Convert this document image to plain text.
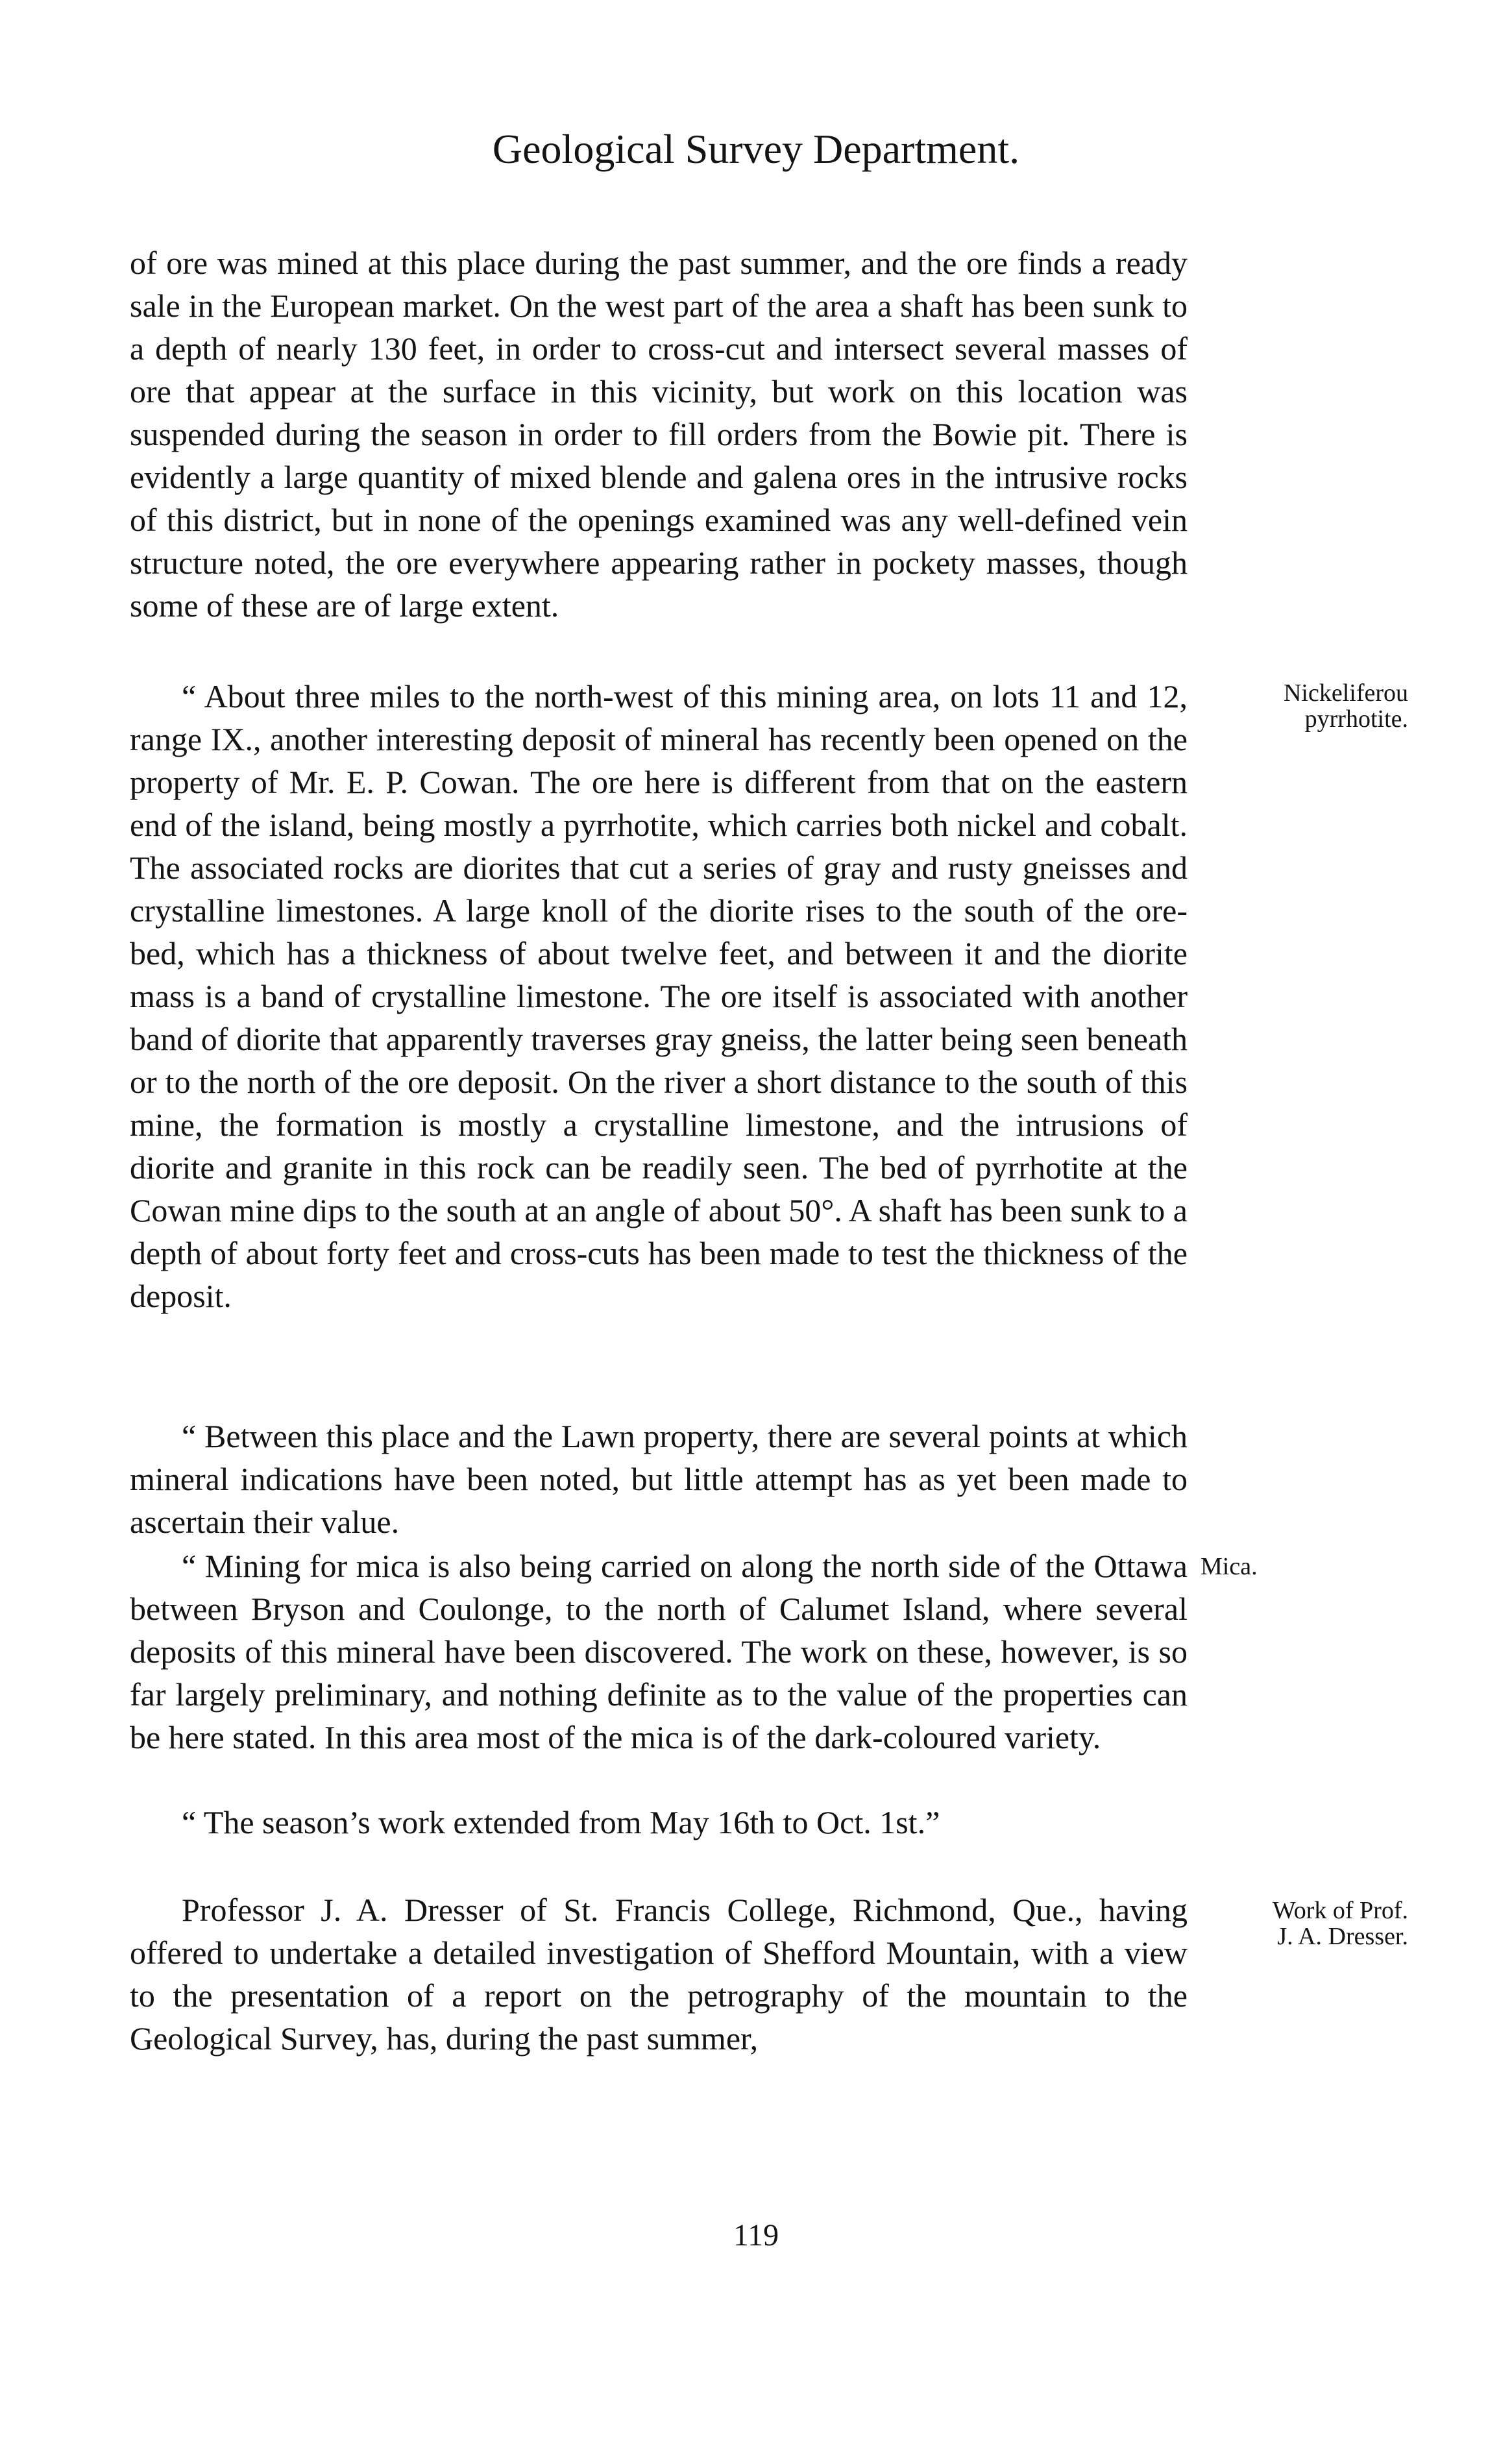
Geological Survey Department.
of ore was mined at this place during the past summer, and the ore finds a ready sale in the European market. On the west part of the area a shaft has been sunk to a depth of nearly 130 feet, in order to cross-cut and intersect several masses of ore that appear at the surface in this vicinity, but work on this location was suspended during the season in order to fill orders from the Bowie pit. There is evidently a large quantity of mixed blende and galena ores in the intrusive rocks of this district, but in none of the openings examined was any well-defined vein structure noted, the ore everywhere appearing rather in pockety masses, though some of these are of large extent.
“ About three miles to the north-west of this mining area, on lots 11 and 12, range IX., another interesting deposit of mineral has recently been opened on the property of Mr. E. P. Cowan. The ore here is different from that on the eastern end of the island, being mostly a pyrrhotite, which carries both nickel and cobalt. The associated rocks are diorites that cut a series of gray and rusty gneisses and crystalline limestones. A large knoll of the diorite rises to the south of the ore-bed, which has a thickness of about twelve feet, and between it and the diorite mass is a band of crystalline limestone. The ore itself is associated with another band of diorite that apparently traverses gray gneiss, the latter being seen beneath or to the north of the ore deposit. On the river a short distance to the south of this mine, the formation is mostly a crystalline limestone, and the intrusions of diorite and granite in this rock can be readily seen. The bed of pyrrhotite at the Cowan mine dips to the south at an angle of about 50°. A shaft has been sunk to a depth of about forty feet and cross-cuts has been made to test the thickness of the deposit.
Nickeliferou
pyrrhotite.
“ Between this place and the Lawn property, there are several points at which mineral indications have been noted, but little attempt has as yet been made to ascertain their value.
“ Mining for mica is also being carried on along the north side of the Ottawa between Bryson and Coulonge, to the north of Calumet Island, where several deposits of this mineral have been discovered. The work on these, however, is so far largely preliminary, and nothing definite as to the value of the properties can be here stated. In this area most of the mica is of the dark-coloured variety.
Mica.
“ The season’s work extended from May 16th to Oct. 1st.”
Professor J. A. Dresser of St. Francis College, Richmond, Que., having offered to undertake a detailed investigation of Shefford Mountain, with a view to the presentation of a report on the petrography of the mountain to the Geological Survey, has, during the past summer,
Work of Prof.
J. A. Dresser.
119
